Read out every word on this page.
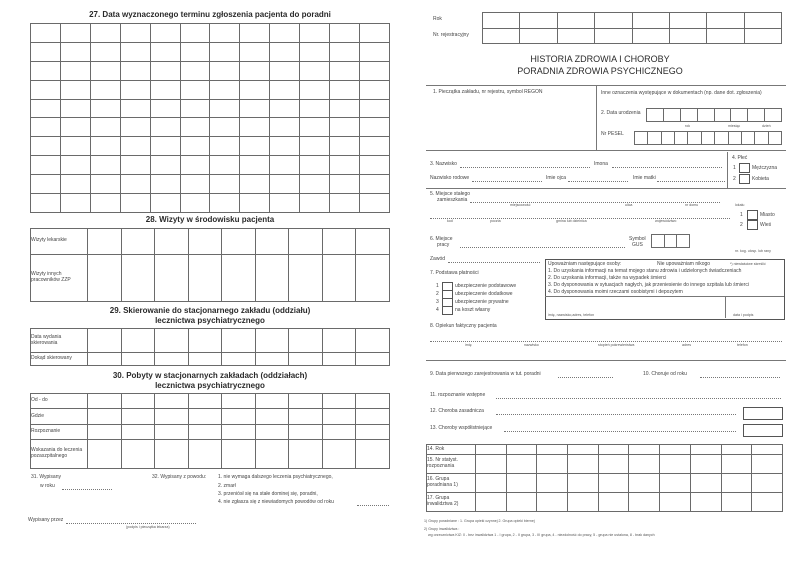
27. Data wyznaczonego terminu zgłoszenia pacjenta do poradni

28. Wizyty w środowisku pacjenta
Wizyty lekarskie									
Wizyty innych pracowników ZZP									
29. Skierowanie do stacjonarnego zakładu (oddziału)
lecznictwa psychiatrycznego
Data wydania skierowania									
Dokąd skierowany									
30. Pobyty w stacjonarnych zakładach (oddziałach)
lecznictwa psychiatrycznego
Od - do									
Gdzie									
Rozpoznanie									
Wskazania do leczenia pozaszpitalnego									
31. Wypisany
w roku
32. Wypisany z powodu: 1. nie wymaga dalszego leczenia psychiatrycznego,
2. zmarł
3. przeniósł się na stałe dominej się, poradni,
4. nie zgłasza się z niewiadomych powodów od roku
Wypisany przez
(podpis i pieczątka lekarza)
Rok
Nr. rejestracyjny

HISTORIA ZDROWIA I CHOROBY
PORADNIA ZDROWIA PSYCHICZNEGO
1. Pieczątka zakładu, nr rejestru, symbol REGON	Inne oznaczenia występujące w dokumentach (np. dane dot. zgłoszenia)
2. Data urodzenia

rok	miesiąc	dzień
Nr PESEL

3. Nazwisko	Imona
Nazwisko rodowe	Imie ojca	Imie matki
4. Płeć
1	Mężczyzna
2	Kobieta
5. Miejsce stałego
zamieszkania
miejscowość	ulica	nr domu	lokalu
kod	poczta	gmina lub dzielnica	województwo
1	Miasto
2	Wieś
6. Miejsce
pracy
Symbol
GUS

nr. kog. ulcsp. lub rany
Zawód
7. Podstawa płatności
1	ubezpieczenie podstawowe
2	ubezpieczenie dodatkowe
3	ubezpieczenie prywatne
4	na koszt własny
Upoważniam następujące osoby:	Nie upoważniam nikogo	*) niewłaściwe skreślić
1. Do uzyskania informacji na temat mojego stanu zdrowia i udzielonych świadczeniach
2. Do uzyskania informacji, także na wypadek śmierci
3. Do dysponowania w sytuacjach nagłych, jak przeniesienie do innego szpitala lub śmierci
4. Do dysponowania moimi rzeczami osobistymi i depozytem
imię, nazwisko,adres, telefon	data i podpis
8. Opiekun faktyczny pacjenta
imię	nazwisko	stopień pokrewieństwa	adres	telefon
9. Data pierwszego zarejestrowania w tut. poradni	10. Chorujе od roku
11. rozpoznanie wstępne
12. Choroba zasadnicza
13. Choroby współistniejące
14. Rok										
15. Nr statyst. rozpoznania										
16. Grupa poradniana 1)										
17. Grupa inwalidztwa 2)										
1) Grupy poradniane : 1. Grupa opieki czynnej 2. Grupa opieki biernej
2) Grupy inwalidztwa :
wg orzecznictwa KIZ: 0 - bez inwalidztwa 1 - I grupa, 2 - II grupa, 3 - III grupa, 4 - niezdolność do pracy, 5 - grupa nie ustalona, 8 - brak danych
